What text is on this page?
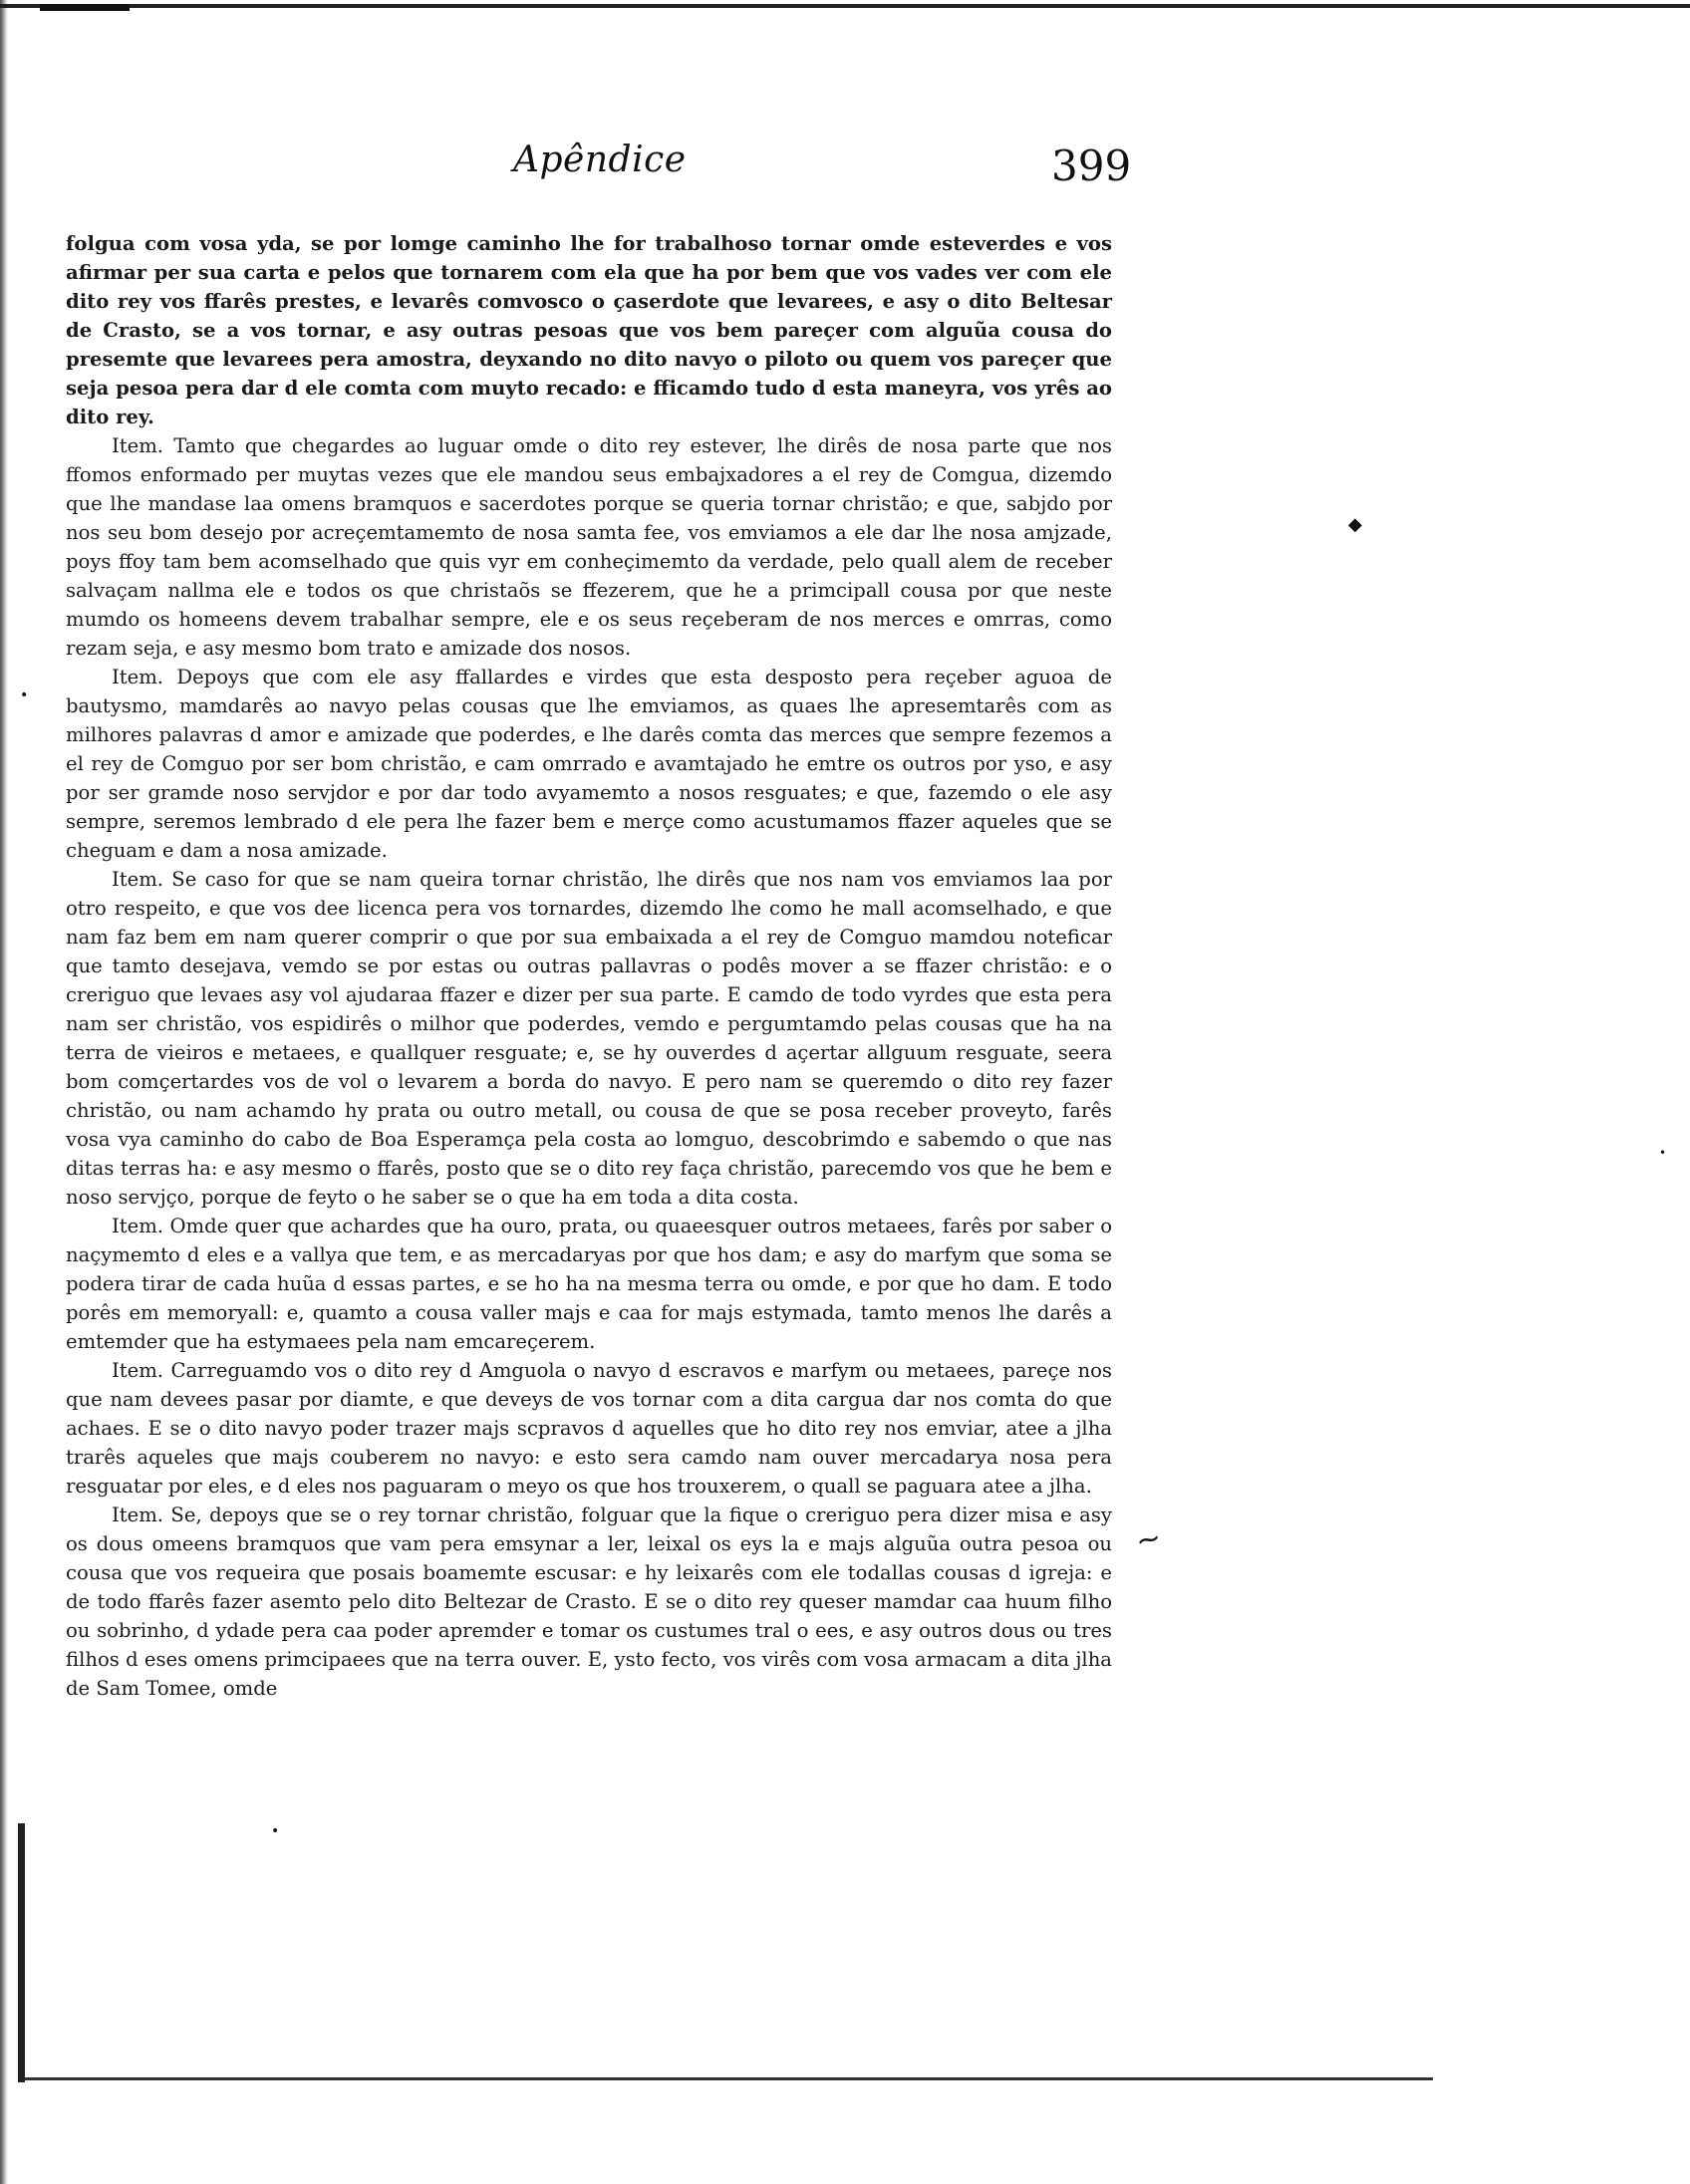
Apêndice	399

folgua com vosa yda, se por lomge caminho lhe for trabalhoso tornar omde esteverdes e vos afirmar per sua carta e pelos que tornarem com ela que ha por bem que vos vades ver com ele dito rey vos ffarês prestes, e levarês comvosco o çaserdote que levarees, e asy o dito Beltesar de Crasto, se a vos tornar, e asy outras pesoas que vos bem pareçer com alguũa cousa do presemte que levarees pera amostra, deyxando no dito navyo o piloto ou quem vos pareçer que seja pesoa pera dar d ele comta com muyto recado: e fficamdo tudo d esta maneyra, vos yrês ao dito rey.

Item. Tamto que chegardes ao luguar omde o dito rey estever, lhe dirês de nosa parte que nos ffomos enformado per muytas vezes que ele mandou seus embajxadores a el rey de Comgua, dizemdo que lhe mandase laa omens bramquos e sacerdotes porque se queria tornar christão; e que, sabjdo por nos seu bom desejo por acreçemtamemto de nosa samta fee, vos emviamos a ele dar lhe nosa amjzade, poys ffoy tam bem acomselhado que quis vyr em conheçimemto da verdade, pelo quall alem de receber salvaçam nallma ele e todos os que christaõs se ffezerem, que he a primcipall cousa por que neste mumdo os homeens devem trabalhar sempre, ele e os seus reçeberam de nos merces e omrras, como rezam seja, e asy mesmo bom trato e amizade dos nosos.

Item. Depoys que com ele asy ffallardes e virdes que esta desposto pera reçeber aguoa de bautysmo, mamdarês ao navyo pelas cousas que lhe emviamos, as quaes lhe apresemtarês com as milhores palavras d amor e amizade que poderdes, e lhe darês comta das merces que sempre fezemos a el rey de Comguo por ser bom christão, e cam omrrado e avamtajado he emtre os outros por yso, e asy por ser gramde noso servjdor e por dar todo avyamemto a nosos resguates; e que, fazemdo o ele asy sempre, seremos lembrado d ele pera lhe fazer bem e merçe como acustumamos ffazer aqueles que se cheguam e dam a nosa amizade.

Item. Se caso for que se nam queira tornar christão, lhe dirês que nos nam vos emviamos laa por otro respeito, e que vos dee licenca pera vos tornardes, dizemdo lhe como he mall acomselhado, e que nam faz bem em nam querer comprir o que por sua embaixada a el rey de Comguo mamdou noteficar que tamto desejava, vemdo se por estas ou outras pallavras o podês mover a se ffazer christão: e o creriguo que levaes asy vol ajudaraa ffazer e dizer per sua parte. E camdo de todo vyrdes que esta pera nam ser christão, vos espidirês o milhor que poderdes, vemdo e pergumtamdo pelas cousas que ha na terra de vieiros e metaees, e quallquer resguate; e, se hy ouverdes d açertar allguum resguate, seera bom comçertardes vos de vol o levarem a borda do navyo. E pero nam se queremdo o dito rey fazer christão, ou nam achamdo hy prata ou outro metall, ou cousa de que se posa receber proveyto, farês vosa vya caminho do cabo de Boa Esperamça pela costa ao lomguo, descobrimdo e sabemdo o que nas ditas terras ha: e asy mesmo o ffarês, posto que se o dito rey faça christão, parecemdo vos que he bem e noso servjço, porque de feyto o he saber se o que ha em toda a dita costa.

Item. Omde quer que achardes que ha ouro, prata, ou quaeesquer outros metaees, farês por saber o naçymemto d eles e a vallya que tem, e as mercadaryas por que hos dam; e asy do marfym que soma se podera tirar de cada huũa d essas partes, e se ho ha na mesma terra ou omde, e por que ho dam. E todo porês em memoryall: e, quamto a cousa valler majs e caa for majs estymada, tamto menos lhe darês a emtemder que ha estymaees pela nam emcareçerem.

Item. Carreguamdo vos o dito rey d Amguola o navyo d escravos e marfym ou metaees, pareçe nos que nam devees pasar por diamte, e que deveys de vos tornar com a dita cargua dar nos comta do que achaes. E se o dito navyo poder trazer majs scpravos d aquelles que ho dito rey nos emviar, atee a jlha trarês aqueles que majs couberem no navyo: e esto sera camdo nam ouver mercadarya nosa pera resguatar por eles, e d eles nos paguaram o meyo os que hos trouxerem, o quall se paguara atee a jlha.

Item. Se, depoys que se o rey tornar christão, folguar que la fique o creriguo pera dizer misa e asy os dous omeens bramquos que vam pera emsynar a ler, leixal os eys la e majs alguũa outra pesoa ou cousa que vos requeira que posais boamemte escusar: e hy leixarês com ele todallas cousas d igreja: e de todo ffarês fazer asemto pelo dito Beltezar de Crasto. E se o dito rey queser mamdar caa huum filho ou sobrinho, d ydade pera caa poder apremder e tomar os custumes tral o ees, e asy outros dous ou tres filhos d eses omens primcipaees que na terra ouver. E, ysto fecto, vos virês com vosa armacam a dita jlha de Sam Tomee, omde

◆
∼
•
•
•
